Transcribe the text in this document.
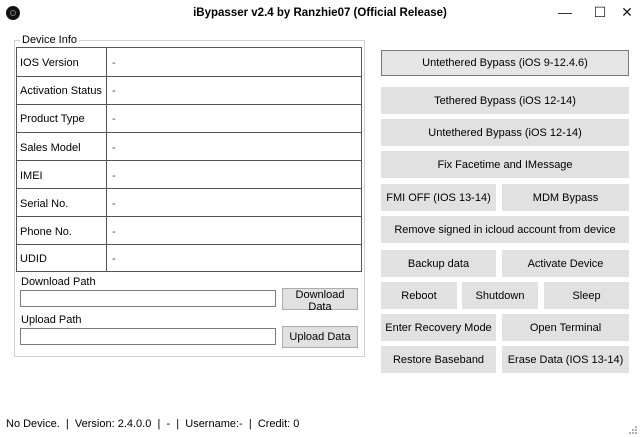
iBypasser v2.4 by Ranzhie07 (Official Release)	—	☐	✕
Device Info
IOS Version	-
Activation Status -
Product Type -
Sales Model	-
IMEI	-
Serial No.	-
Phone No.	-
UDID	-
Download Path
Download Data
Upload Path
Upload Data
Untethered Bypass (iOS 9-12.4.6)
Tethered Bypass (iOS 12-14)
Untethered Bypass (iOS 12-14)
Fix Facetime and IMessage
FMI OFF (IOS 13-14)	MDM Bypass
Remove signed in icloud account from device
Backup data	Activate Device
Reboot	Shutdown	Sleep
Enter Recovery Mode	Open Terminal
Restore Baseband	Erase Data (IOS 13-14)
No Device. | Version: 2.4.0.0 | - | Username:- | Credit: 0
